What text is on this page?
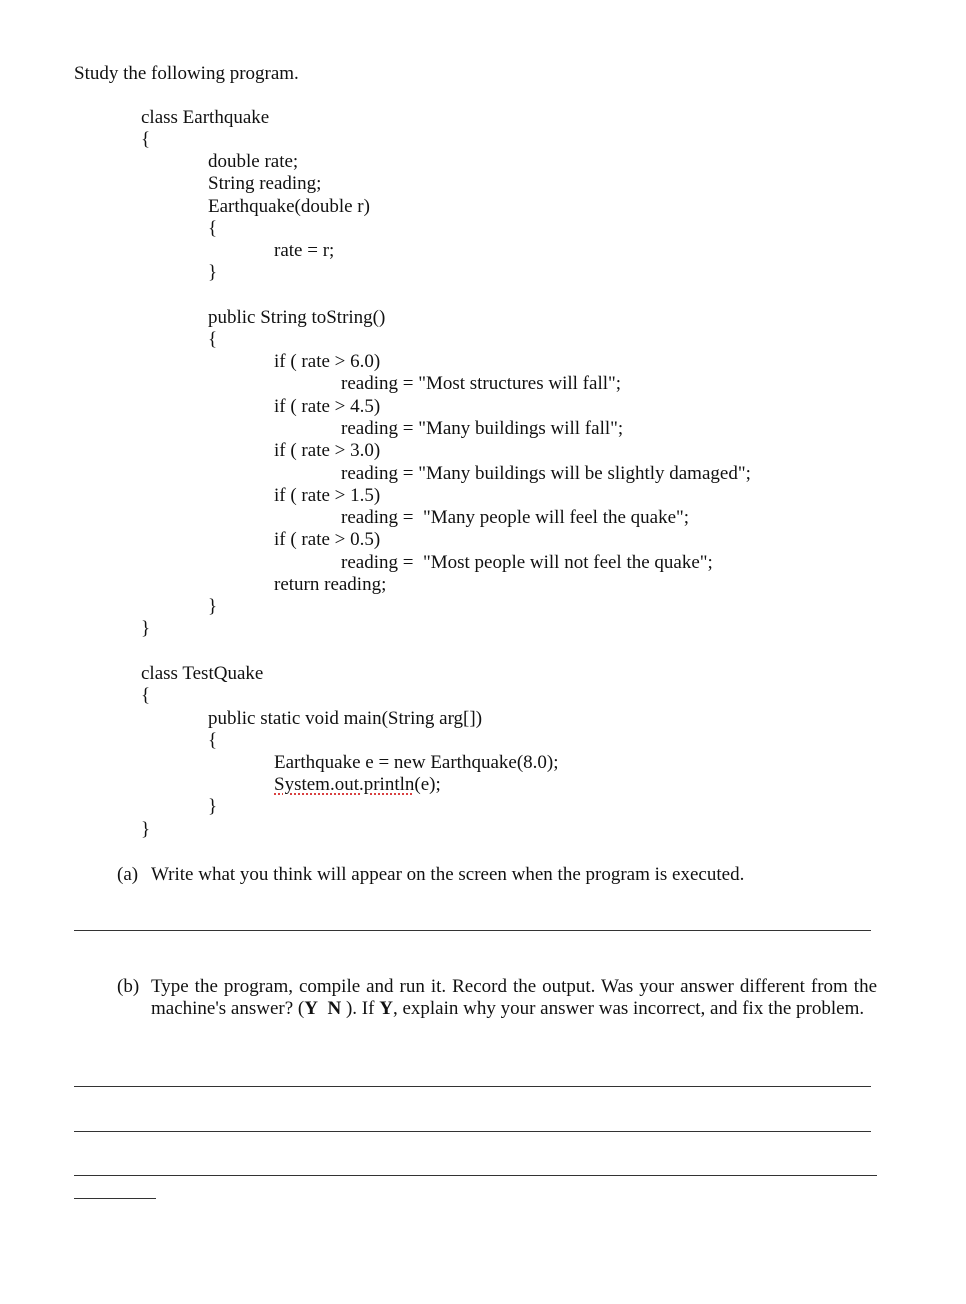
Study the following program.
class Earthquake
{
double rate;
String reading;
Earthquake(double r)
{
rate = r;
}
public String toString()
{
if ( rate > 6.0)
reading = "Most structures will fall";
if ( rate > 4.5)
reading = "Many buildings will fall";
if ( rate > 3.0)
reading = "Many buildings will be slightly damaged";
if ( rate > 1.5)
reading =  "Many people will feel the quake";
if ( rate > 0.5)
reading =  "Most people will not feel the quake";
return reading;
}
}
class TestQuake
{
public static void main(String arg[])
{
Earthquake e = new Earthquake(8.0);
System.out.println(e);
}
}
(a) Write what you think will appear on the screen when the program is executed.
(b) Type the program, compile and run it. Record the output. Was your answer different from the machine's answer? (Y N ). If Y, explain why your answer was incorrect, and fix the problem.
